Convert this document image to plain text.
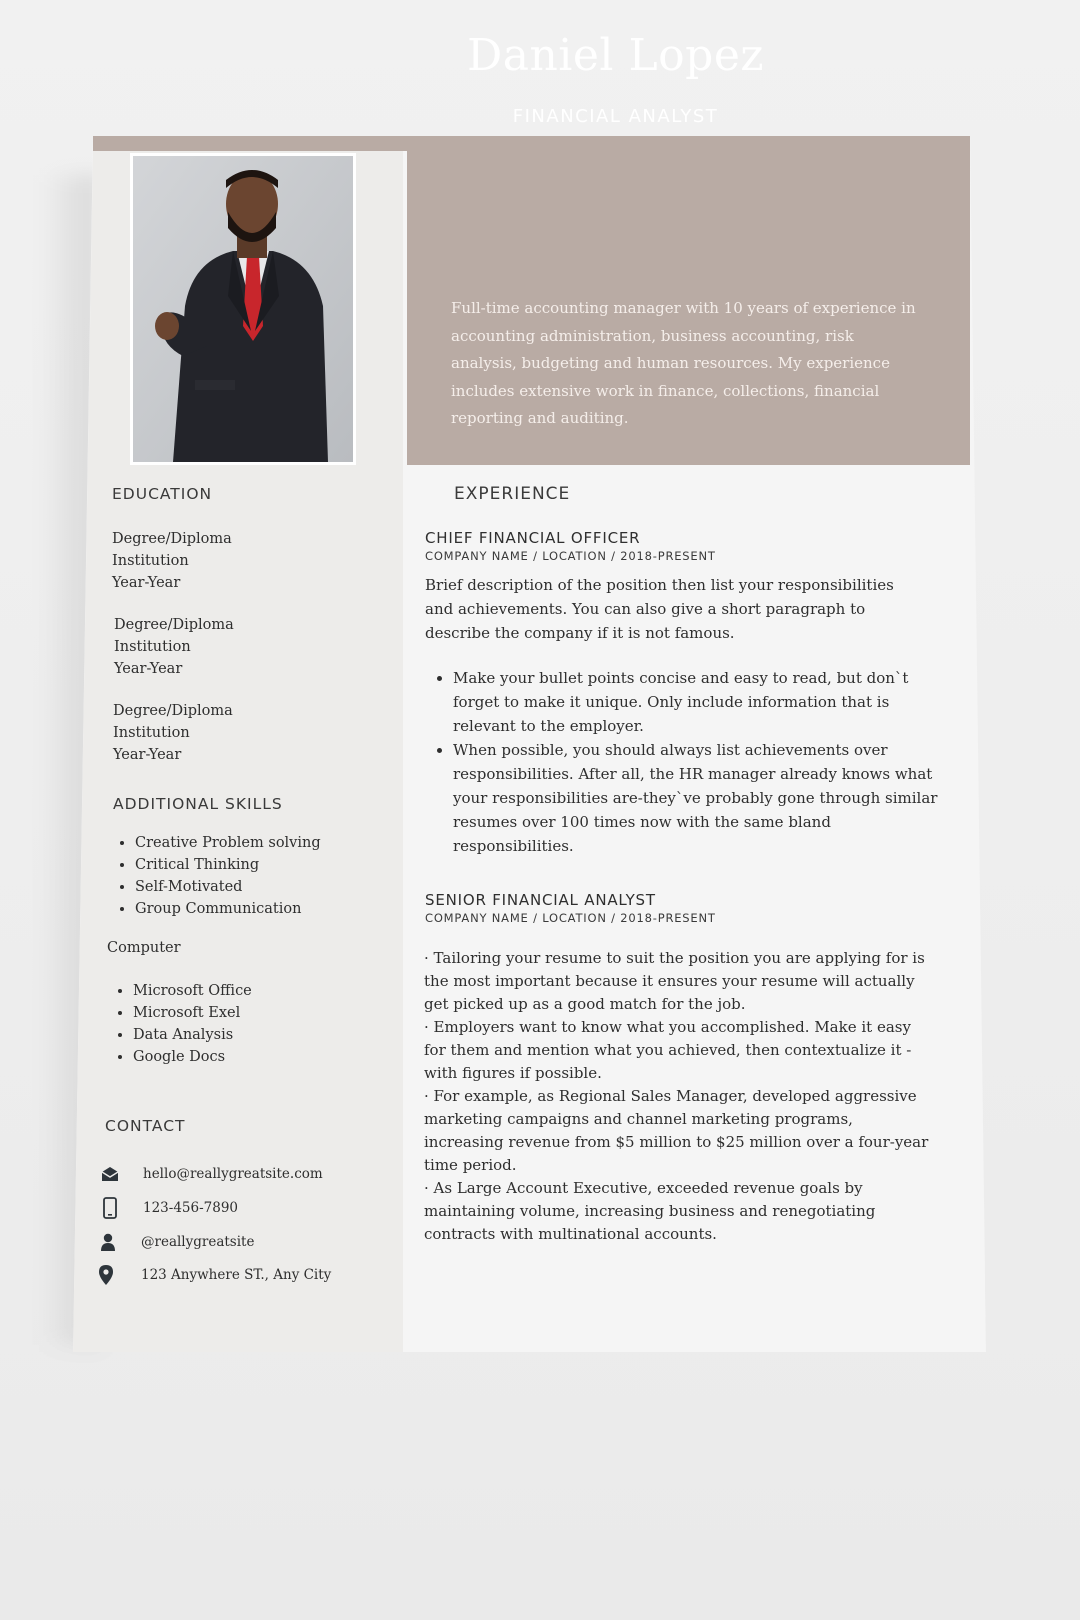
Daniel Lopez
FINANCIAL ANALYST
Full-time accounting manager with 10 years of experience in accounting administration, business accounting, risk analysis, budgeting and human resources. My experience includes extensive work in finance, collections, financial reporting and auditing.
EDUCATION
Degree/Diploma
Institution
Year-Year
Degree/Diploma
Institution
Year-Year
Degree/Diploma
Institution
Year-Year
ADDITIONAL SKILLS
• Creative Problem solving
• Critical Thinking
• Self-Motivated
• Group Communication
Computer
• Microsoft Office
• Microsoft Exel
• Data Analysis
• Google Docs
CONTACT
hello@reallygreatsite.com
123-456-7890
@reallygreatsite
123 Anywhere ST., Any City
EXPERIENCE
CHIEF FINANCIAL OFFICER
COMPANY NAME / LOCATION / 2018-PRESENT
Brief description of the position then list your responsibilities and achievements. You can also give a short paragraph to describe the company if it is not famous.
• Make your bullet points concise and easy to read, but don`t forget to make it unique. Only include information that is relevant to the employer.
• When possible, you should always list achievements over responsibilities. After all, the HR manager already knows what your responsibilities are-they`ve probably gone through similar resumes over 100 times now with the same bland responsibilities.
SENIOR FINANCIAL ANALYST
COMPANY NAME / LOCATION / 2018-PRESENT
· Tailoring your resume to suit the position you are applying for is the most important because it ensures your resume will actually get picked up as a good match for the job.
· Employers want to know what you accomplished. Make it easy for them and mention what you achieved, then contextualize it - with figures if possible.
· For example, as Regional Sales Manager, developed aggressive marketing campaigns and channel marketing programs, increasing revenue from $5 million to $25 million over a four-year time period.
· As Large Account Executive, exceeded revenue goals by maintaining volume, increasing business and renegotiating contracts with multinational accounts.
